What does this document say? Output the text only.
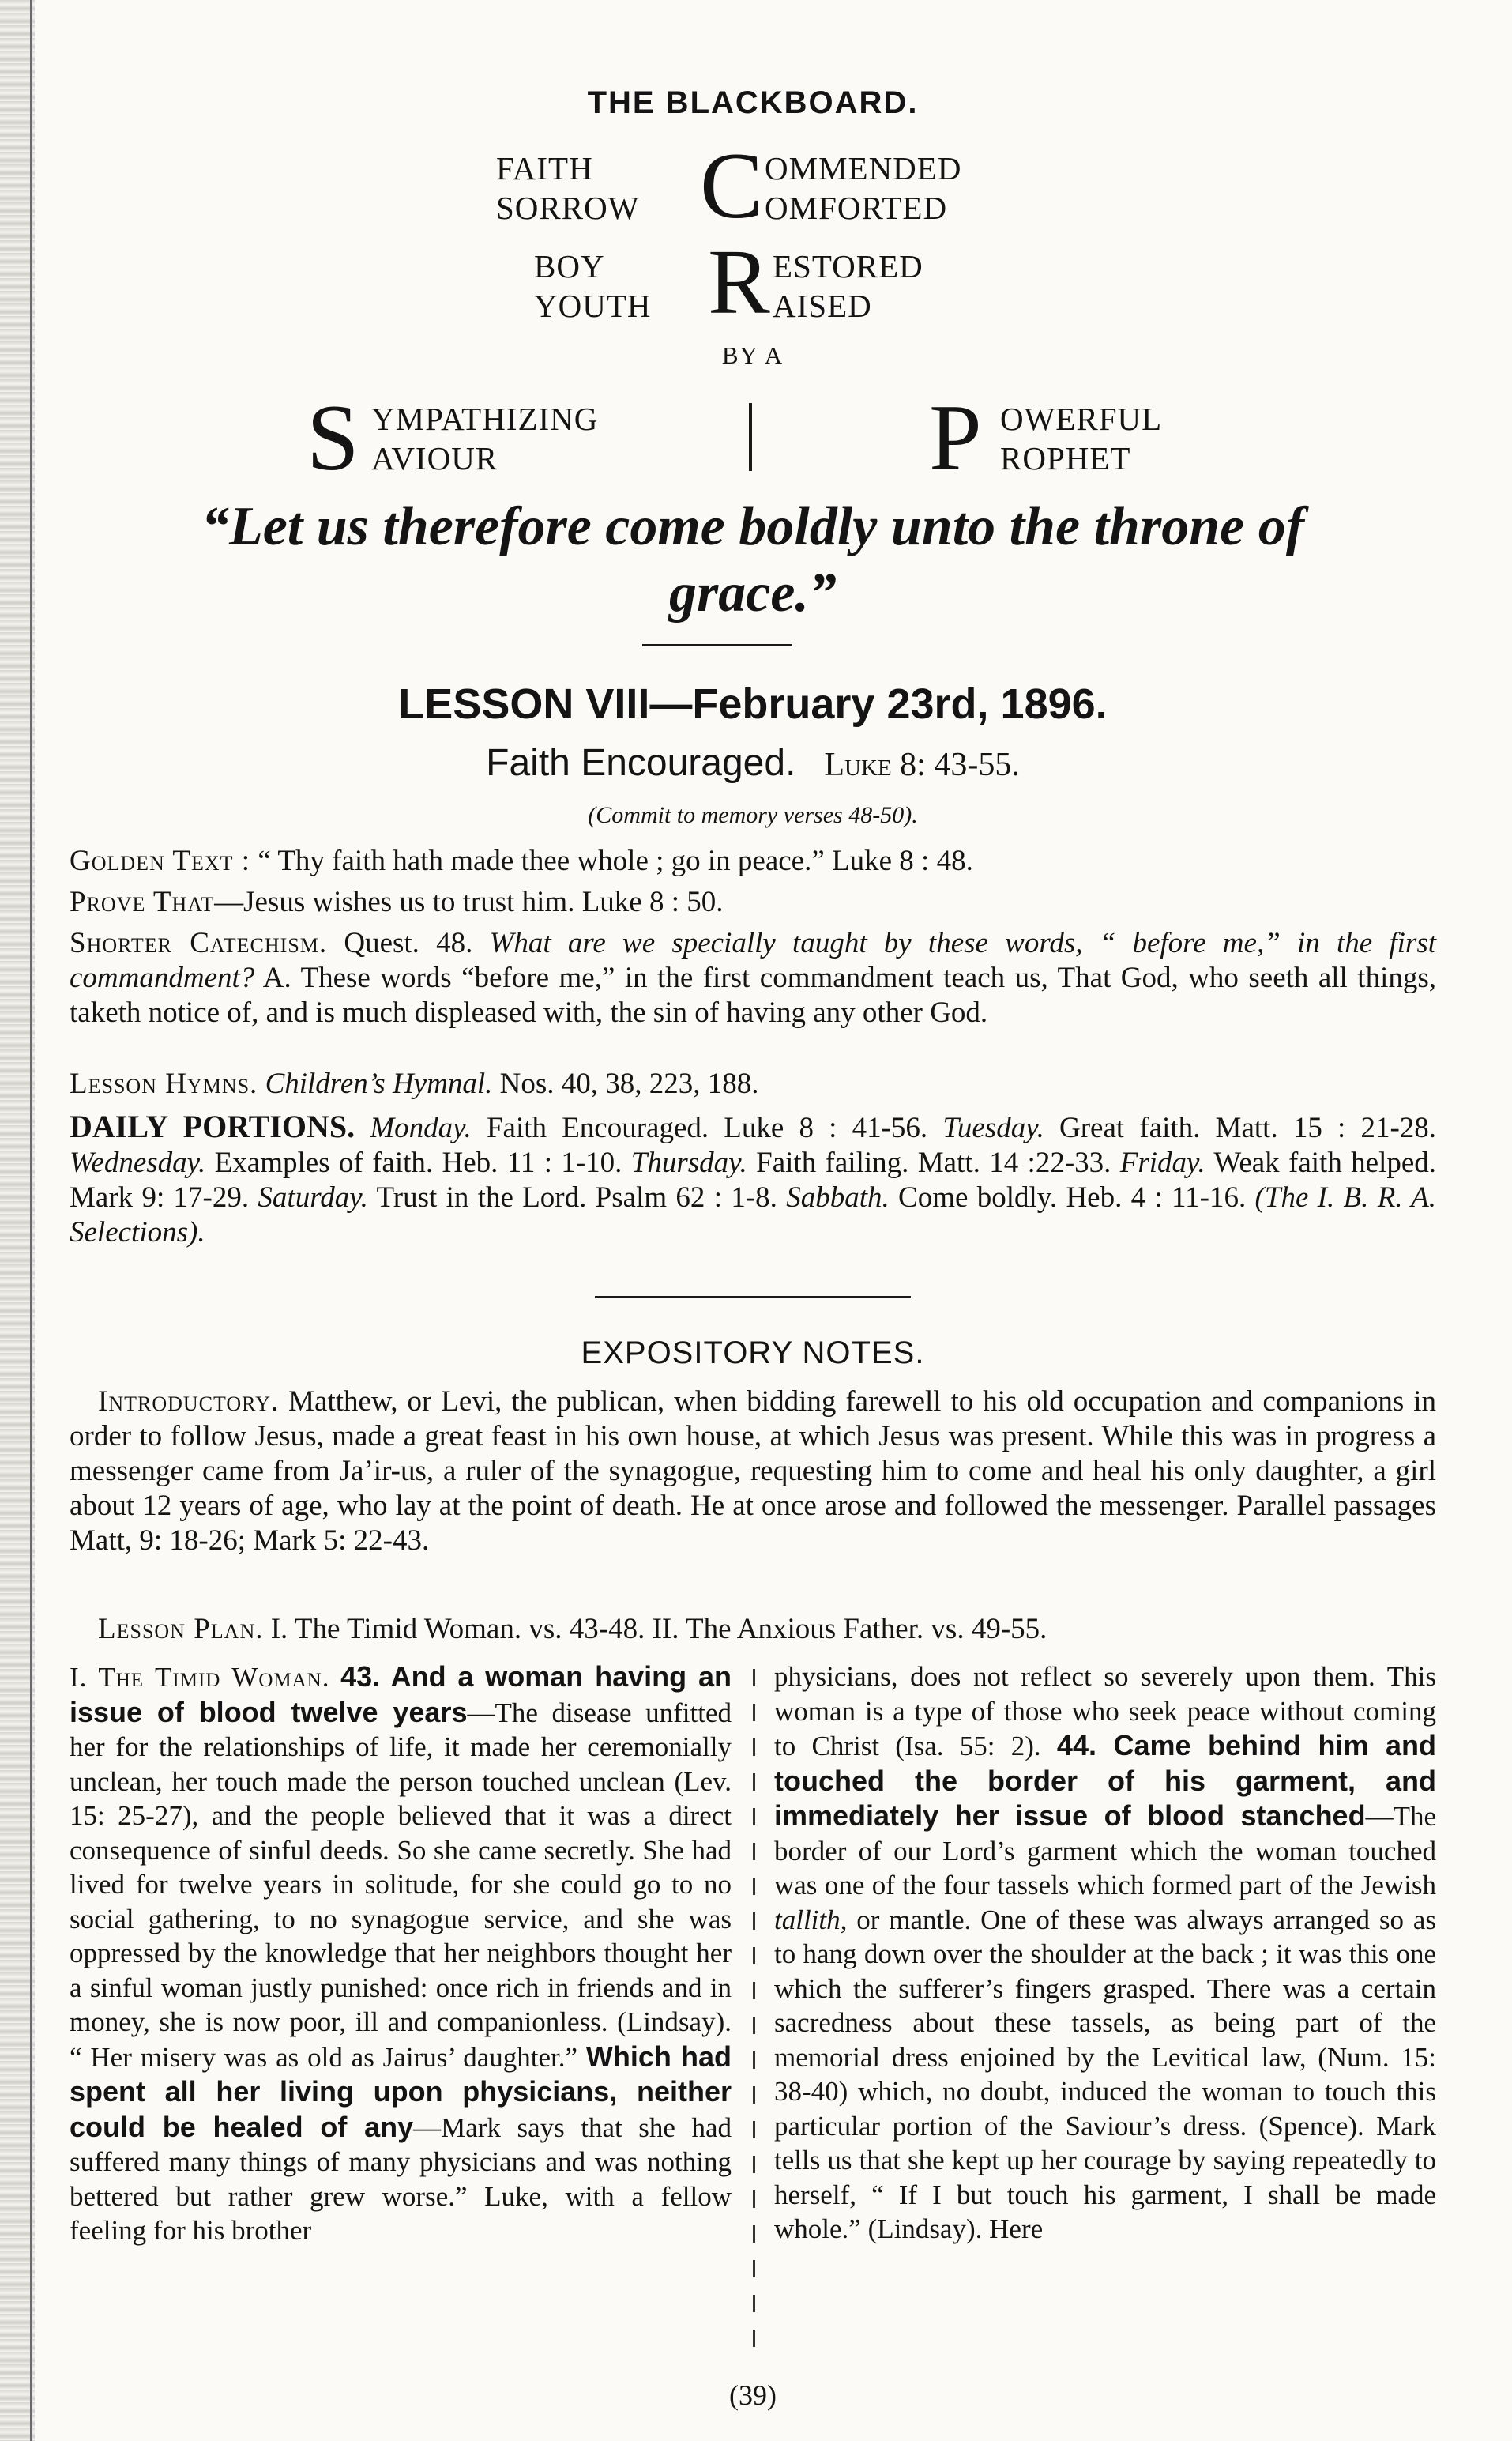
THE BLACKBOARD.
FAITH
SORROW C OMMENDED
OMFORTED
BOY
YOUTH R ESTORED
AISED
BY A
S YMPATHIZING
AVIOUR	P OWERFUL
ROPHET
“Let us therefore come boldly unto the throne of grace.”
LESSON VIII—February 23rd, 1896.
Faith Encouraged. Luke 8: 43-55.
(Commit to memory verses 48-50).
Golden Text : “ Thy faith hath made thee whole ; go in peace.” Luke 8 : 48.
Prove That—Jesus wishes us to trust him. Luke 8 : 50.
Shorter Catechism. Quest. 48. What are we specially taught by these words, “ before me,” in the first commandment? A. These words “before me,” in the first commandment teach us, That God, who seeth all things, taketh notice of, and is much displeased with, the sin of having any other God.
Lesson Hymns. Children’s Hymnal. Nos. 40, 38, 223, 188.
DAILY PORTIONS. Monday. Faith Encouraged. Luke 8 : 41-56. Tuesday. Great faith. Matt. 15 : 21-28. Wednesday. Examples of faith. Heb. 11 : 1-10. Thursday. Faith failing. Matt. 14 :22-33. Friday. Weak faith helped. Mark 9: 17-29. Saturday. Trust in the Lord. Psalm 62 : 1-8. Sabbath. Come boldly. Heb. 4 : 11-16. (The I. B. R. A. Selections).
EXPOSITORY NOTES.
Introductory. Matthew, or Levi, the publican, when bidding farewell to his old occupation and companions in order to follow Jesus, made a great feast in his own house, at which Jesus was present. While this was in progress a messenger came from Ja’ir-us, a ruler of the synagogue, requesting him to come and heal his only daughter, a girl about 12 years of age, who lay at the point of death. He at once arose and followed the messenger. Parallel passages Matt, 9: 18-26; Mark 5: 22-43.
Lesson Plan. I. The Timid Woman. vs. 43-48. II. The Anxious Father. vs. 49-55.
I. The Timid Woman. 43. And a woman having an issue of blood twelve years—The disease unfitted her for the relationships of life, it made her ceremonially unclean, her touch made the person touched unclean (Lev. 15: 25-27), and the people believed that it was a direct consequence of sinful deeds. So she came secretly. She had lived for twelve years in solitude, for she could go to no social gathering, to no synagogue service, and she was oppressed by the knowledge that her neighbors thought her a sinful woman justly punished: once rich in friends and in money, she is now poor, ill and companionless. (Lindsay). “ Her misery was as old as Jairus’ daughter.” Which had spent all her living upon physicians, neither could be healed of any—Mark says that she had suffered many things of many physicians and was nothing bettered but rather grew worse.” Luke, with a fellow feeling for his brother
physicians, does not reflect so severely upon them. This woman is a type of those who seek peace without coming to Christ (Isa. 55: 2). 44. Came behind him and touched the border of his garment, and immediately her issue of blood stanched—The border of our Lord’s garment which the woman touched was one of the four tassels which formed part of the Jewish tallith, or mantle. One of these was always arranged so as to hang down over the shoulder at the back ; it was this one which the sufferer’s fingers grasped. There was a certain sacredness about these tassels, as being part of the memorial dress enjoined by the Levitical law, (Num. 15: 38-40) which, no doubt, induced the woman to touch this particular portion of the Saviour’s dress. (Spence). Mark tells us that she kept up her courage by saying repeatedly to herself, “ If I but touch his garment, I shall be made whole.” (Lindsay). Here
(39)
